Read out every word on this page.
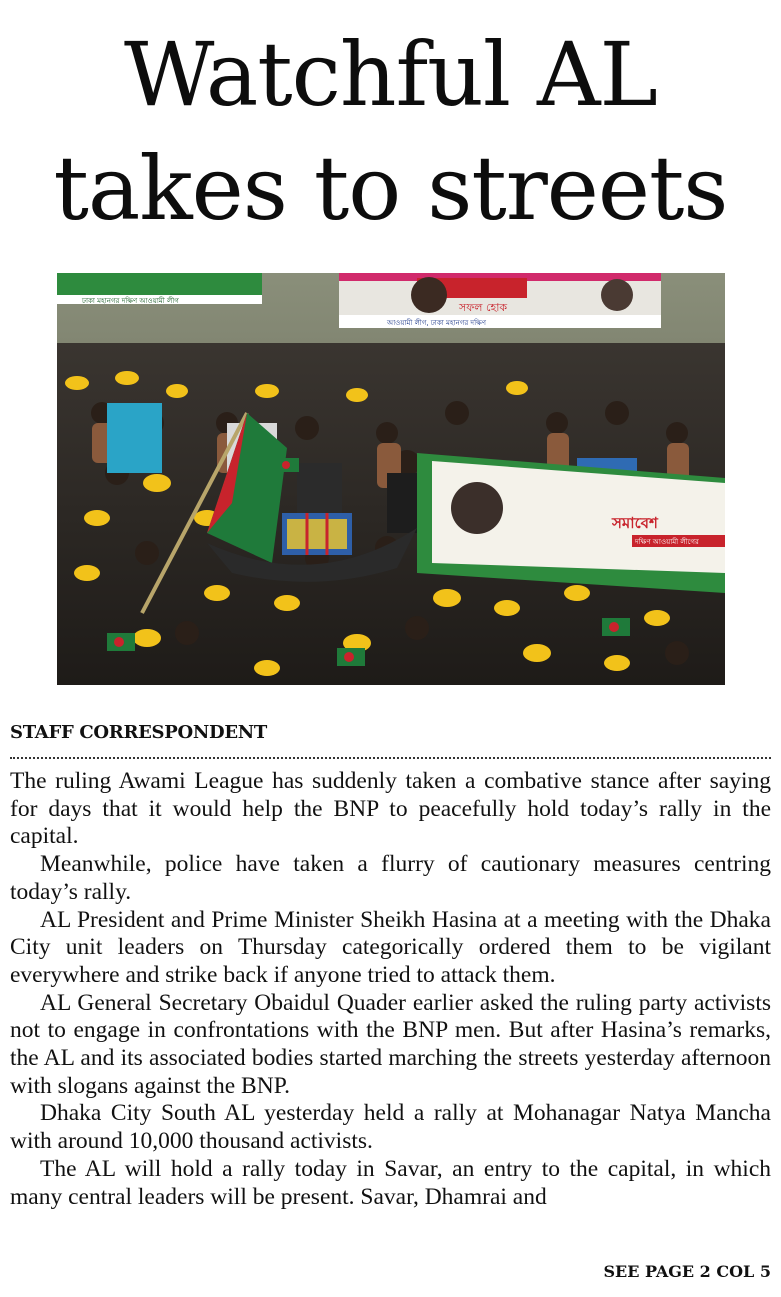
Watchful AL
takes to streets
ঢাকা মহানগর দক্ষিণ আওয়ামী লীগ	সফল হোক
আওয়ামী লীগ, ঢাকা মহানগর দক্ষিণ
সমাবেশ
দক্ষিণ আওয়ামী লীগের
STAFF CORRESPONDENT

The ruling Awami League has suddenly taken a combative stance after saying for days that it would help the BNP to peacefully hold today’s rally in the capital.

Meanwhile, police have taken a flurry of cautionary measures centring today’s rally.

AL President and Prime Minister Sheikh Hasina at a meeting with the Dhaka City unit leaders on Thursday categorically ordered them to be vigilant everywhere and strike back if anyone tried to attack them.

AL General Secretary Obaidul Quader earlier asked the ruling party activists not to engage in confrontations with the BNP men. But after Hasina’s remarks, the AL and its associated bodies started marching the streets yesterday afternoon with slogans against the BNP.

Dhaka City South AL yesterday held a rally at Mohanagar Natya Mancha with around 10,000 thousand activists.

The AL will hold a rally today in Savar, an entry to the capital, in which many central leaders will be present. Savar, Dhamrai and

SEE PAGE 2 COL 5
